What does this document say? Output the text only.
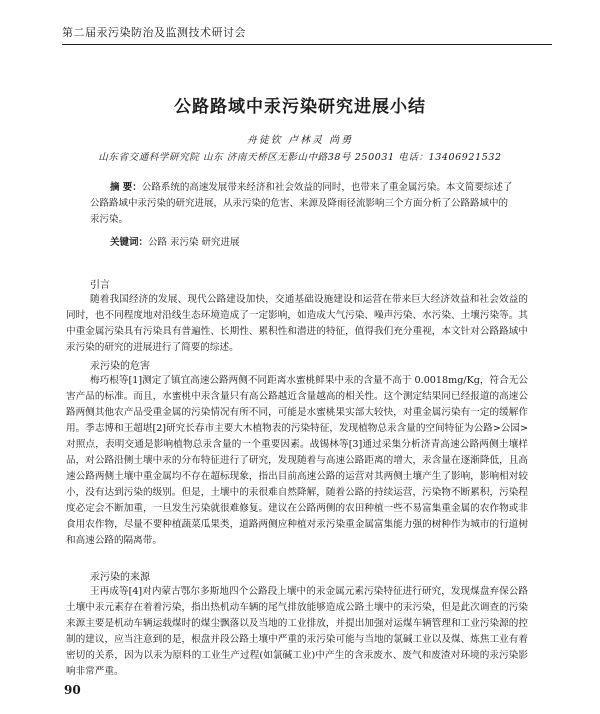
第二届汞污染防治及监测技术研讨会
公路路域中汞污染研究进展小结
舟徒钦 卢林灵 尚勇
山东省交通科学研究院 山东 济南天桥区无影山中路38号 250031 电话：13406921532

摘 要：公路系统的高速发展带来经济和社会效益的同时，也带来了重金属污染。本文简要综述了公路路域中汞污染的研究进展，从汞污染的危害、来源及降雨径流影响三个方面分析了公路路域中的汞污染。

关键词：公路 汞污染 研究进展
引言

随着我国经济的发展、现代公路建设加快，交通基础设施建设和运营在带来巨大经济效益和社会效益的同时，也不同程度地对沿线生态环境造成了一定影响，如造成大气污染、噪声污染、水污染、土壤污染等。其中重金属污染具有污染具有普遍性、长期性、累积性和潜进的特征，值得我们充分重视，本文针对公路路域中汞污染的研究的进展进行了简要的综述。

汞污染的危害

梅巧根等[1]测定了镇宜高速公路两侧不同距离水蜜桃鲜果中汞的含量不高于 0.0018mg/Kg，符合无公害产品的标准。而且，水蜜桃中汞含量只有高公路越近含量越高的相关性。这个测定结果同已经报道的高速公路两侧其他农产品受重金属的污染情况有所不同，可能是水蜜桃果实部大较快，对重金属污染有一定的缓解作用。季志博和王超堪[2]研究长春市主要大木植物表的污染特征，发现植物总汞含量的空间特征为公路>公园>对照点，表明交通是影响植物总汞含量的一个重要因素。战锡林等[3]通过采集分析济青高速公路两侧土壤样品，对公路沿侧土壤中汞的分布特征进行了研究，发现随着与高速公路距离的增大，汞含量在逐渐降低，且高速公路两侧土壤中重金属均不存在超标现象，指出目前高速公路的运营对其两侧土壤产生了影响，影响相对较小，没有达到污染的级别。但是，土壤中的汞很难自然降解，随着公路的持续运营，污染物不断累积，污染程度必定会不断加重，一旦发生污染就很难修复。建议在公路两侧的农田种植一些不易富集重金属的农作物或非食用农作物，尽量不要种植蔬菜瓜果类，道路两侧应种植对汞污染重金属富集能力强的树种作为城市的行道树和高速公路的隔离带。

汞污染的来源

王再成等[4]对内蒙古鄂尔多斯地四个公路段上壤中的汞金属元素污染特征进行研究，发现煤盘弃保公路土壤中汞元素存在着着污染，指出热机动车辆的尾气排放能够造成公路土壤中的汞污染，但是此次调查的污染来源主要是机动车辆运载煤时的煤尘飘落以及当地的工业排放，并提出加强对运煤车辆管理和工业污染源的控制的建议，应当注意到的是，根盘并段公路土壤中严重的汞污染可能与当地的氯碱工业以及煤、炼焦工业有着密切的关系，因为以汞为原料的工业生产过程(如氯碱工业)中产生的含汞废水、废气和废渣对环境的汞污染影响非常严重。

90
